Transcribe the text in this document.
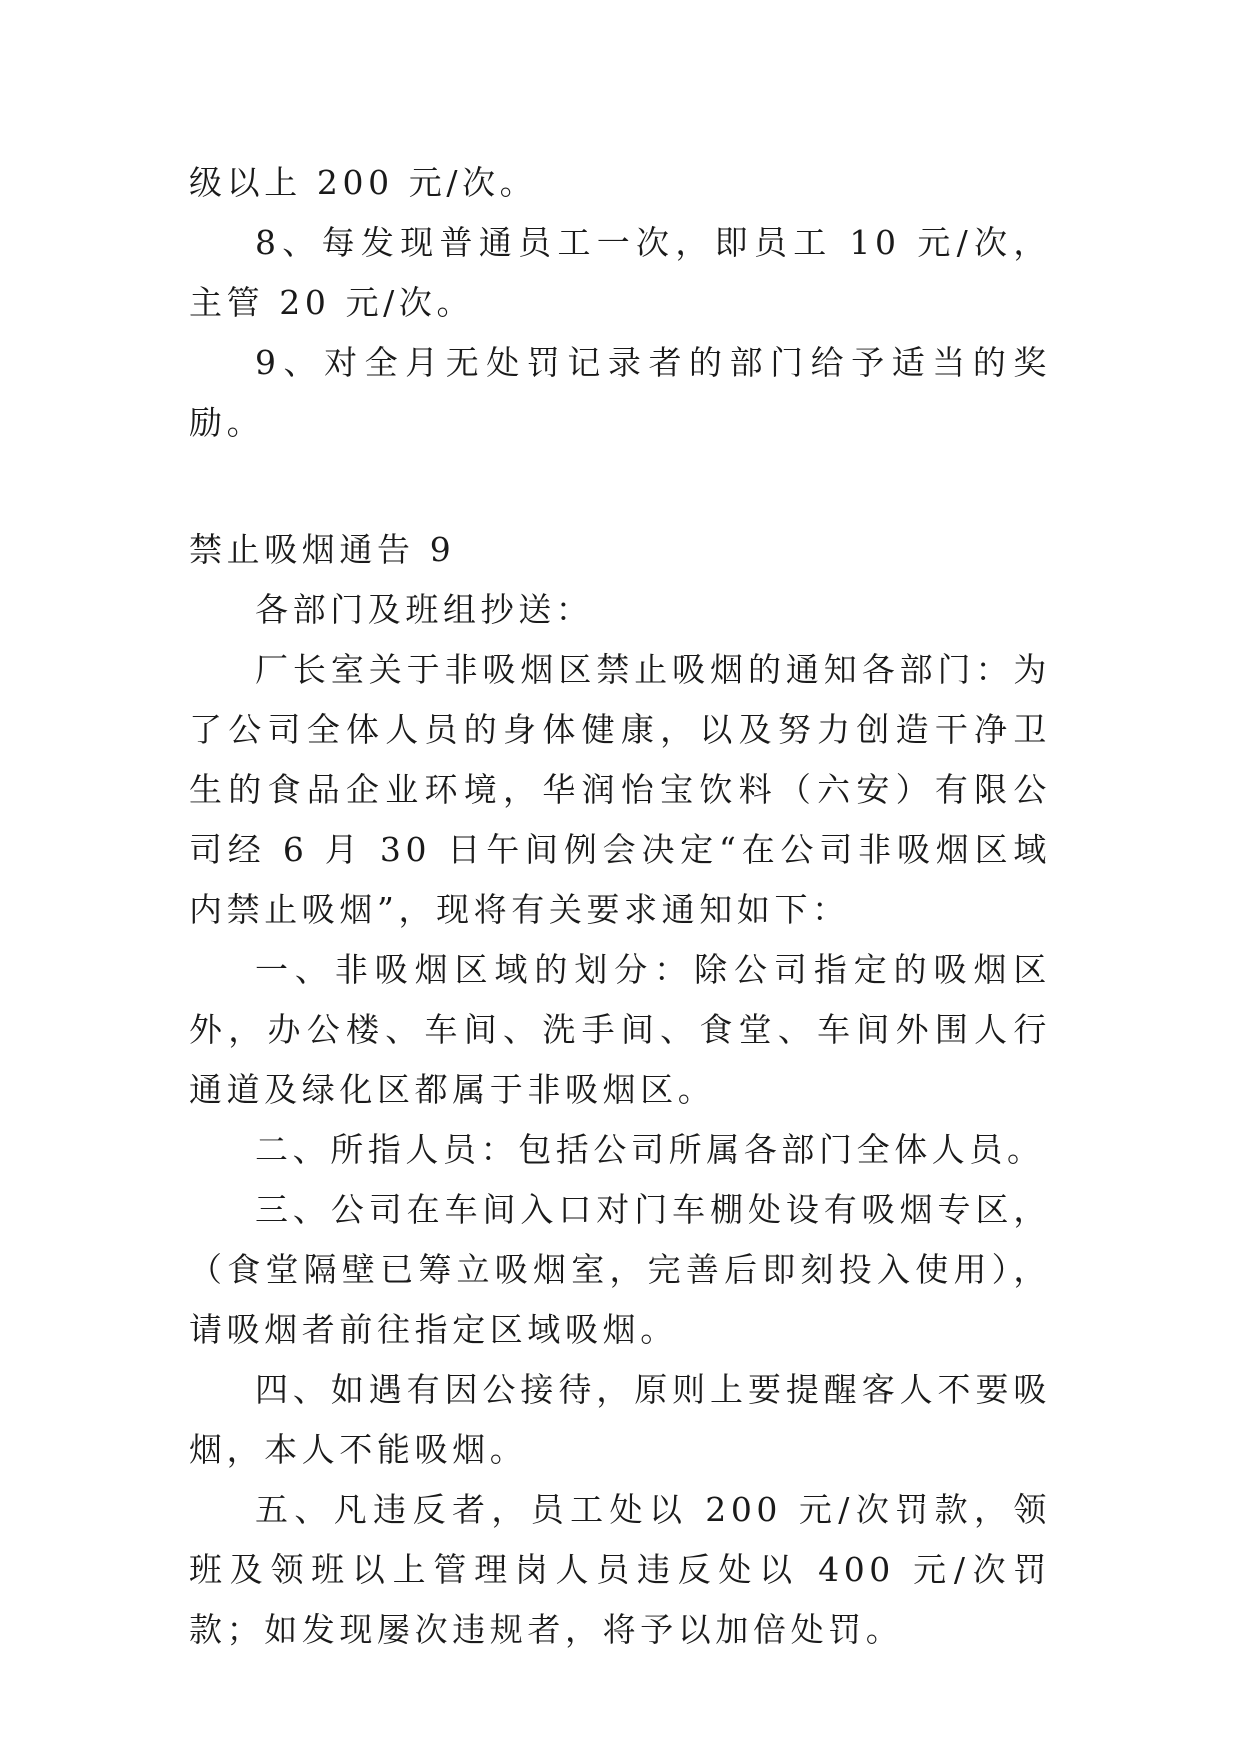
级以上 200 元/次。

8、每发现普通员工一次，即员工 10 元/次，主管 20 元/次。

9、对全月无处罚记录者的部门给予适当的奖励。

禁止吸烟通告 9

各部门及班组抄送：

厂长室关于非吸烟区禁止吸烟的通知各部门：为了公司全体人员的身体健康，以及努力创造干净卫生的食品企业环境，华润怡宝饮料（六安）有限公司经 6 月 30 日午间例会决定“在公司非吸烟区域内禁止吸烟”，现将有关要求通知如下：

一、非吸烟区域的划分：除公司指定的吸烟区外，办公楼、车间、洗手间、食堂、车间外围人行通道及绿化区都属于非吸烟区。

二、所指人员：包括公司所属各部门全体人员。

三、公司在车间入口对门车棚处设有吸烟专区，（食堂隔壁已筹立吸烟室，完善后即刻投入使用），请吸烟者前往指定区域吸烟。

四、如遇有因公接待，原则上要提醒客人不要吸烟，本人不能吸烟。

五、凡违反者，员工处以 200 元/次罚款，领班及领班以上管理岗人员违反处以 400 元/次罚款；如发现屡次违规者，将予以加倍处罚。
